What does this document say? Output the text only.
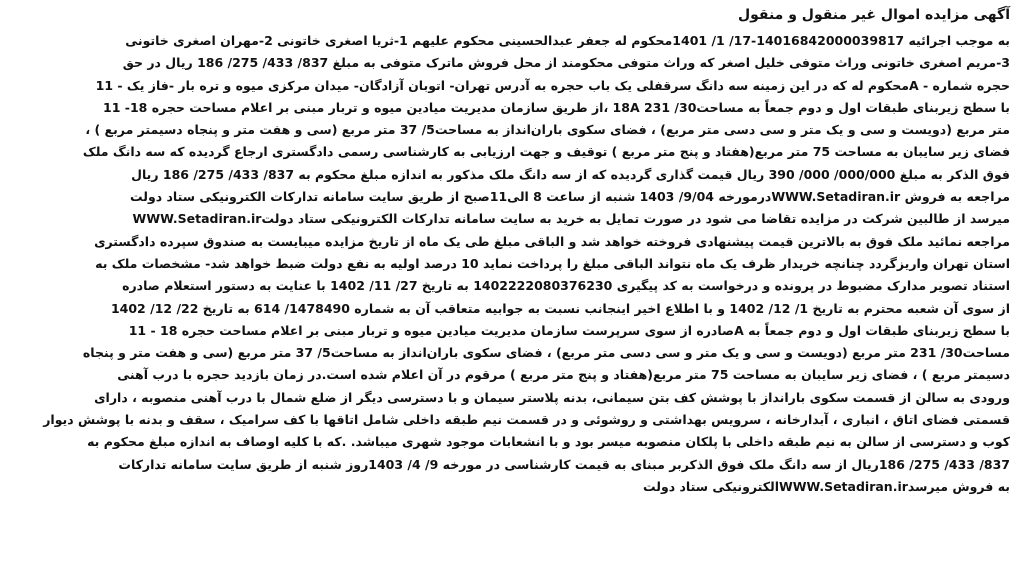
آگهی مزایده اموال غیر منقول و منقول
به موجب اجرائیه 14016842000039817-17/ 1/ 1401محکوم له جعفر عبدالحسینی محکوم علیهم 1-ثریا اصغری خاتونی 2-مهران اصغری خاتونی
3-مریم اصغری خاتونی وراث متوفی خلیل اصغر که وراث متوفی محکومند از محل فروش ماترک متوفی به مبلغ 837/ 433/ 275/ 186 ریال در حق
حجره شماره - Aمحکوم له که در این زمینه سه دانگ سرقفلی یک باب حجره به آدرس تهران- اتوبان آزادگان- میدان مرکزی میوه و تره بار -فاز یک - 11
با سطح زیربنای طبقات اول و دوم جمعاً به مساحت30/ 231 18A ،از طریق سازمان مدیریت میادین میوه و تربار مبنی بر اعلام مساحت حجره 18- 11
متر مربع (دویست و سی و یک متر و سی دسی متر مربع) ، فضای سکوی باران‌انداز به مساحت5/ 37 متر مربع (سی و هفت متر و پنجاه دسیمتر مربع ) ،
فضای زیر سایبان به مساحت 75 متر مربع(هفتاد و پنج متر مربع ) توقیف و جهت ارزیابی به کارشناسی رسمی دادگستری ارجاع گردیده که سه دانگ ملک
فوق الذکر به مبلغ 000/000/ 000/ 390 ریال قیمت گذاری گردیده که از سه دانگ ملک مذکور به اندازه مبلغ محکوم به 837/ 433/ 275/ 186 ریال
مراجعه به فروش WWW.Setadiran.irدرمورخه 9/04/ 1403 شنبه از ساعت 8 الی11صبح از طریق سایت سامانه تدارکات الکترونیکی ستاد دولت
WWW.Setadiran.irمیرسد از طالبین شرکت در مزایده تقاضا می شود در صورت تمایل به خرید به سایت سامانه تدارکات الکترونیکی ستاد دولت
مراجعه نمائید ملک فوق به بالاترین قیمت پیشنهادی فروخته خواهد شد و الباقی مبلغ طی یک ماه از تاریخ مزایده میبایست به صندوق سپرده دادگستری
استان تهران واریزگردد چنانچه خریدار ظرف یک ماه نتواند الباقی مبلغ را پرداخت نماید 10 درصد اولیه به نفع دولت ضبط خواهد شد- مشخصات ملک به
استناد تصویر مدارک مضبوط در پرونده و درخواست به کد پیگیری 1402222080376230 به تاریخ 27/ 11/ 1402 با عنایت به دستور استعلام صادره
از سوی آن شعبه محترم به تاریخ 1/ 12/ 1402 و با اطلاع اخیر اینجانب نسبت به جوابیه متعاقب آن به شماره 1478490/ 614 به تاریخ 22/ 12/ 1402
با سطح زیربنای طبقات اول و دوم جمعاً به Aصادره از سوی سرپرست سازمان مدیریت میادین میوه و تربار مبنی بر اعلام مساحت حجره 18 - 11
مساحت30/ 231 متر مربع (دویست و سی و یک متر و سی دسی متر مربع) ، فضای سکوی باران‌انداز به مساحت5/ 37 متر مربع (سی و هفت متر و پنجاه
دسیمتر مربع ) ، فضای زیر سایبان به مساحت 75 متر مربع(هفتاد و پنج متر مربع ) مرقوم در آن اعلام شده است.در زمان بازدید حجره با درب آهنی
ورودی به سالن از قسمت سکوی بارانداز با پوشش کف بتن سیمانی، بدنه پلاستر سیمان و با دسترسی دیگر از ضلع شمال با درب آهنی منصوبه ، دارای
قسمتی فضای اتاق ، انباری ، آبدارخانه ، سرویس بهداشتی و روشوئی و در قسمت نیم طبقه داخلی شامل اتاقها با کف سرامیک ، سقف و بدنه با پوشش دیوار
کوب و دسترسی از سالن به نیم طبقه داخلی با پلکان منصوبه میسر بود و با انشعابات موجود شهری میباشد. .که با کلیه اوصاف به اندازه مبلغ محکوم به
837/ 433/ 275/ 186ریال از سه دانگ ملک فوق الذکربر مبنای به قیمت کارشناسی در مورخه 9/ 4/ 1403روز شنبه از طریق سایت سامانه تدارکات
به فروش میرسدWWW.Setadiran.irالکترونیکی ستاد دولت
